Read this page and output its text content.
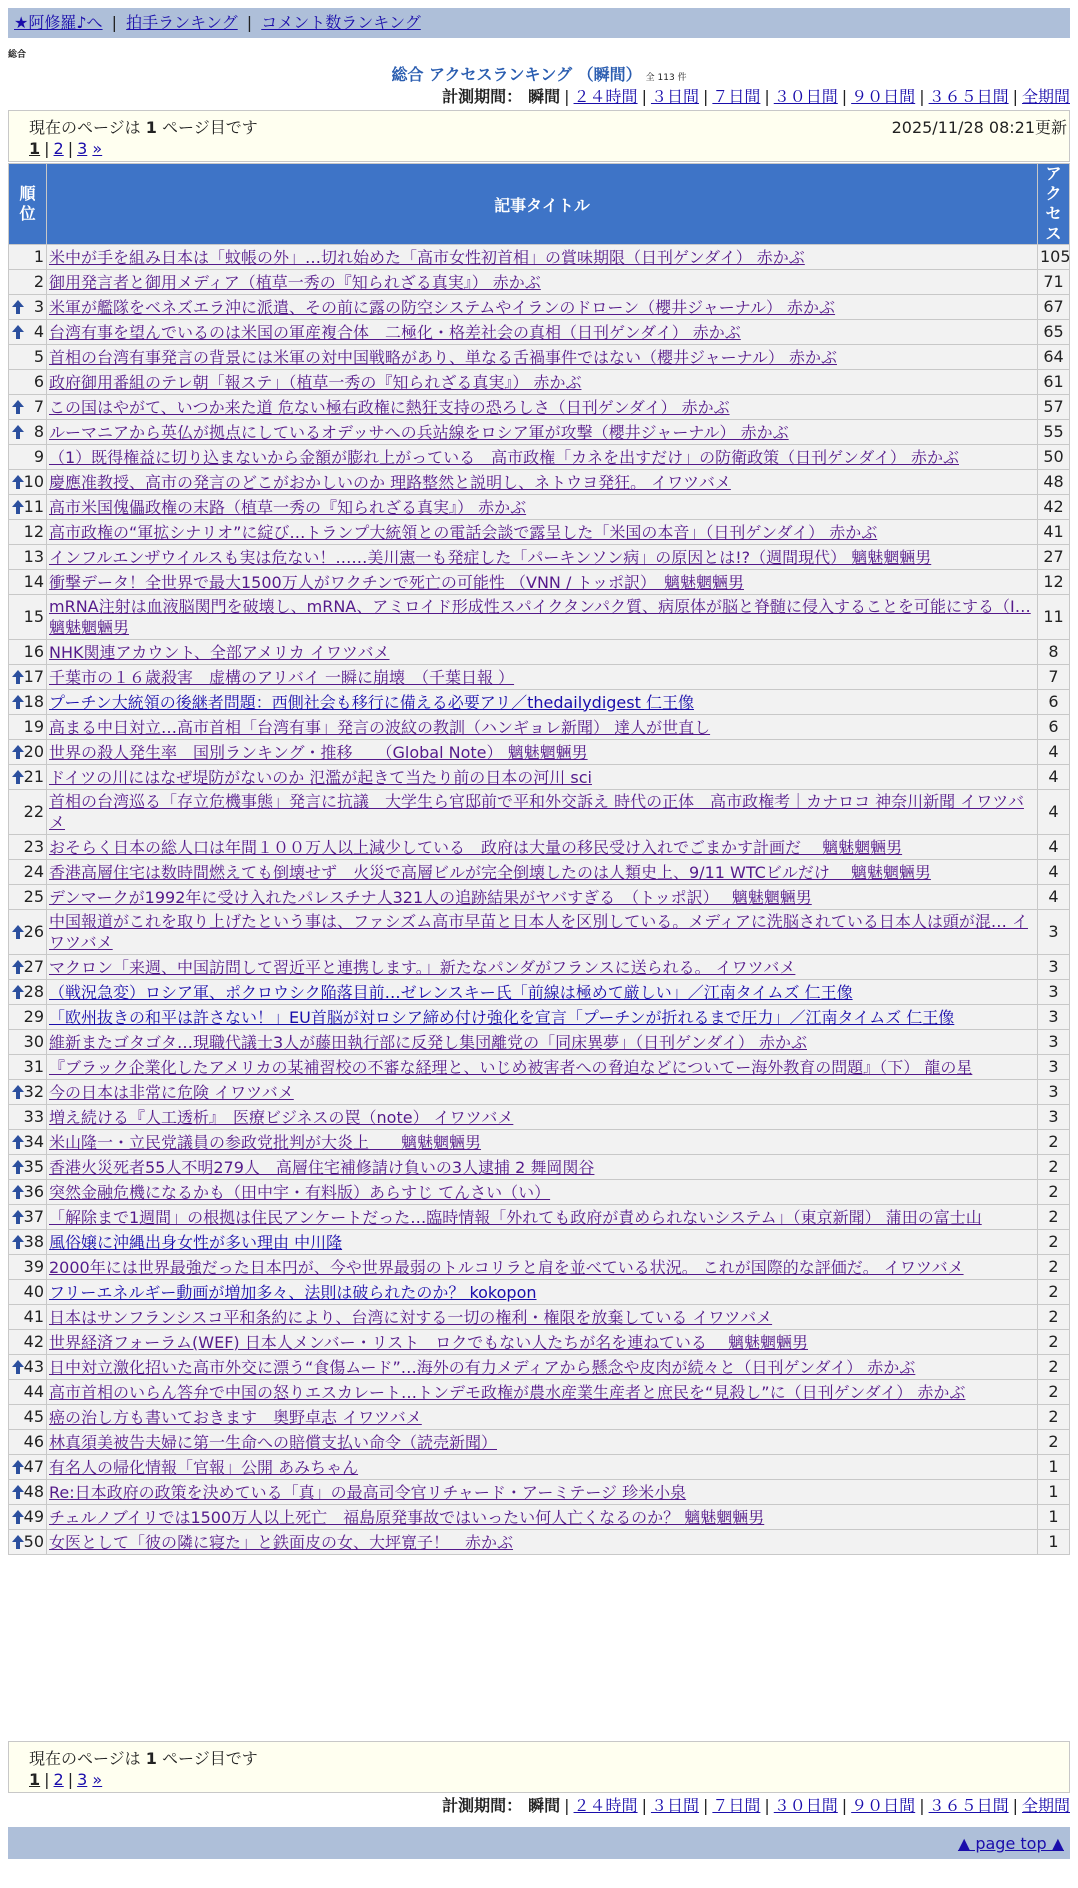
★阿修羅♪へ | 拍手ランキング | コメント数ランキング
総合
総合 アクセスランキング （瞬間） 全 113 件
計測期間： 瞬間 | ２４時間 | ３日間 | ７日間 | ３０日間 | ９０日間 | ３６５日間 | 全期間
現在のページは 1 ページ目です	2025/11/28 08:21更新
1 | 2 | 3 »
順位	記事タイトル	アクセス
1	米中が手を組み日本は「蚊帳の外」…切れ始めた「高市女性初首相」の賞味期限（日刊ゲンダイ） 赤かぶ	105
2	御用発言者と御用メディア（植草一秀の『知られざる真実』） 赤かぶ	71

3	米軍が艦隊をベネズエラ沖に派遣、その前に露の防空システムやイランのドローン（櫻井ジャーナル） 赤かぶ	67

4	台湾有事を望んでいるのは米国の軍産複合体　二極化・格差社会の真相（日刊ゲンダイ） 赤かぶ	65
5	首相の台湾有事発言の背景には米軍の対中国戦略があり、単なる舌禍事件ではない（櫻井ジャーナル） 赤かぶ	64
6	政府御用番組のテレ朝「報ステ」（植草一秀の『知られざる真実』） 赤かぶ	61

7	この国はやがて、いつか来た道 危ない極右政権に熱狂支持の恐ろしさ（日刊ゲンダイ） 赤かぶ	57

8	ルーマニアから英仏が拠点にしているオデッサへの兵站線をロシア軍が攻撃（櫻井ジャーナル） 赤かぶ	55
9	（1）既得権益に切り込まないから金額が膨れ上がっている　高市政権「カネを出すだけ」の防衛政策（日刊ゲンダイ） 赤かぶ	50

10	慶應准教授、高市の発言のどこがおかしいのか 理路整然と説明し、ネトウヨ発狂。 イワツバメ	48

11	高市米国傀儡政権の末路（植草一秀の『知られざる真実』） 赤かぶ	42
12	高市政権の“軍拡シナリオ”に綻び…トランプ大統領との電話会談で露呈した「米国の本音」（日刊ゲンダイ） 赤かぶ	41
13	インフルエンザウイルスも実は危ない！……美川憲一も発症した「パーキンソン病」の原因とは!?（週間現代） 魑魅魍魎男	27
14	衝撃データ！全世界で最大1500万人がワクチンで死亡の可能性 （VNN / トッポ訳）　魑魅魍魎男	12
15	mRNA注射は血液脳関門を破壊し、mRNA、アミロイド形成性スパイクタンパク質、病原体が脳と脊髄に侵入することを可能にする（I… 魑魅魍魎男	11
16	NHK関連アカウント、全部アメリカ イワツバメ	8

17	千葉市の１６歳殺害　虚構のアリバイ 一瞬に崩壊　（千葉日報 ）	7

18	プーチン大統領の後継者問題：西側社会も移行に備える必要アリ／thedailydigest 仁王像	6
19	高まる中日対立…高市首相「台湾有事」発言の波紋の教訓（ハンギョレ新聞） 達人が世直し	6

20	世界の殺人発生率　国別ランキング・推移　　（Global Note） 魑魅魍魎男	4

21	ドイツの川にはなぜ堤防がないのか 氾濫が起きて当たり前の日本の河川 sci	4
22	首相の台湾巡る「存立危機事態」発言に抗議　大学生ら官邸前で平和外交訴え 時代の正体　高市政権考｜カナロコ 神奈川新聞 イワツバメ	4
23	おそらく日本の総人口は年間１００万人以上減少している　政府は大量の移民受け入れでごまかす計画だ　 魑魅魍魎男	4
24	香港高層住宅は数時間燃えても倒壊せず　火災で高層ビルが完全倒壊したのは人類史上、9/11 WTCビルだけ　 魑魅魍魎男	4
25	デンマークが1992年に受け入れたパレスチナ人321人の追跡結果がヤバすぎる　（トッポ訳）　 魑魅魍魎男	4

26	中国報道がこれを取り上げたという事は、ファシズム高市早苗と日本人を区別している。メディアに洗脳されている日本人は頭が混… イワツバメ	3

27	マクロン「来週、中国訪問して習近平と連携します。」新たなパンダがフランスに送られる。 イワツバメ	3

28	（戦況急変）ロシア軍、ポクロウシク陥落目前…ゼレンスキー氏「前線は極めて厳しい」／江南タイムズ 仁王像	3
29	「欧州抜きの和平は許さない！」EU首脳が対ロシア締め付け強化を宣言「プーチンが折れるまで圧力」／江南タイムズ 仁王像	3
30	維新またゴタゴタ…現職代議士3人が藤田執行部に反発し集団離党の「同床異夢」（日刊ゲンダイ） 赤かぶ	3
31	『ブラック企業化したアメリカの某補習校の不審な経理と、いじめ被害者への脅迫などについてー海外教育の問題』（下） 龍の星	3

32	今の日本は非常に危険 イワツバメ	3
33	増え続ける『人工透析』　医療ビジネスの罠（note） イワツバメ	3

34	米山隆一・立民党議員の参政党批判が大炎上　　魑魅魍魎男	2

35	香港火災死者55人不明279人　高層住宅補修請け負いの3人逮捕 2 舞岡関谷	2

36	突然金融危機になるかも（田中宇・有料版）あらすじ てんさい（い）	2

37	「解除まで1週間」の根拠は住民アンケートだった…臨時情報「外れても政府が責められないシステム」（東京新聞） 蒲田の富士山	2

38	風俗嬢に沖縄出身女性が多い理由 中川隆	2
39	2000年には世界最強だった日本円が、今や世界最弱のトルコリラと肩を並べている状況。 これが国際的な評価だ。 イワツバメ	2
40	フリーエネルギー動画が増加多々、法則は破られたのか？ kokopon	2
41	日本はサンフランシスコ平和条約により、台湾に対する一切の権利・権限を放棄している イワツバメ	2
42	世界経済フォーラム(WEF) 日本人メンバー・リスト　ロクでもない人たちが名を連ねている　 魑魅魍魎男	2

43	日中対立激化招いた高市外交に漂う“食傷ムード”…海外の有力メディアから懸念や皮肉が続々と（日刊ゲンダイ） 赤かぶ	2
44	高市首相のいらん答弁で中国の怒りエスカレート…トンデモ政権が農水産業生産者と庶民を“見殺し”に（日刊ゲンダイ） 赤かぶ	2
45	癌の治し方も書いておきます　奥野卓志 イワツバメ	2
46	林真須美被告夫婦に第一生命への賠償支払い命令（読売新聞）	2

47	有名人の帰化情報「官報」公開 あみちゃん	1

48	Re:日本政府の政策を決めている「真」の最高司令官リチャード・アーミテージ 珍米小泉	1

49	チェルノブイリでは1500万人以上死亡　福島原発事故ではいったい何人亡くなるのか？ 魑魅魍魎男	1

50	女医として「彼の隣に寝た」と鉄面皮の女、大坪寛子！　赤かぶ	1
現在のページは 1 ページ目です
1 | 2 | 3 »
計測期間： 瞬間 | ２４時間 | ３日間 | ７日間 | ３０日間 | ９０日間 | ３６５日間 | 全期間
▲ page top ▲
